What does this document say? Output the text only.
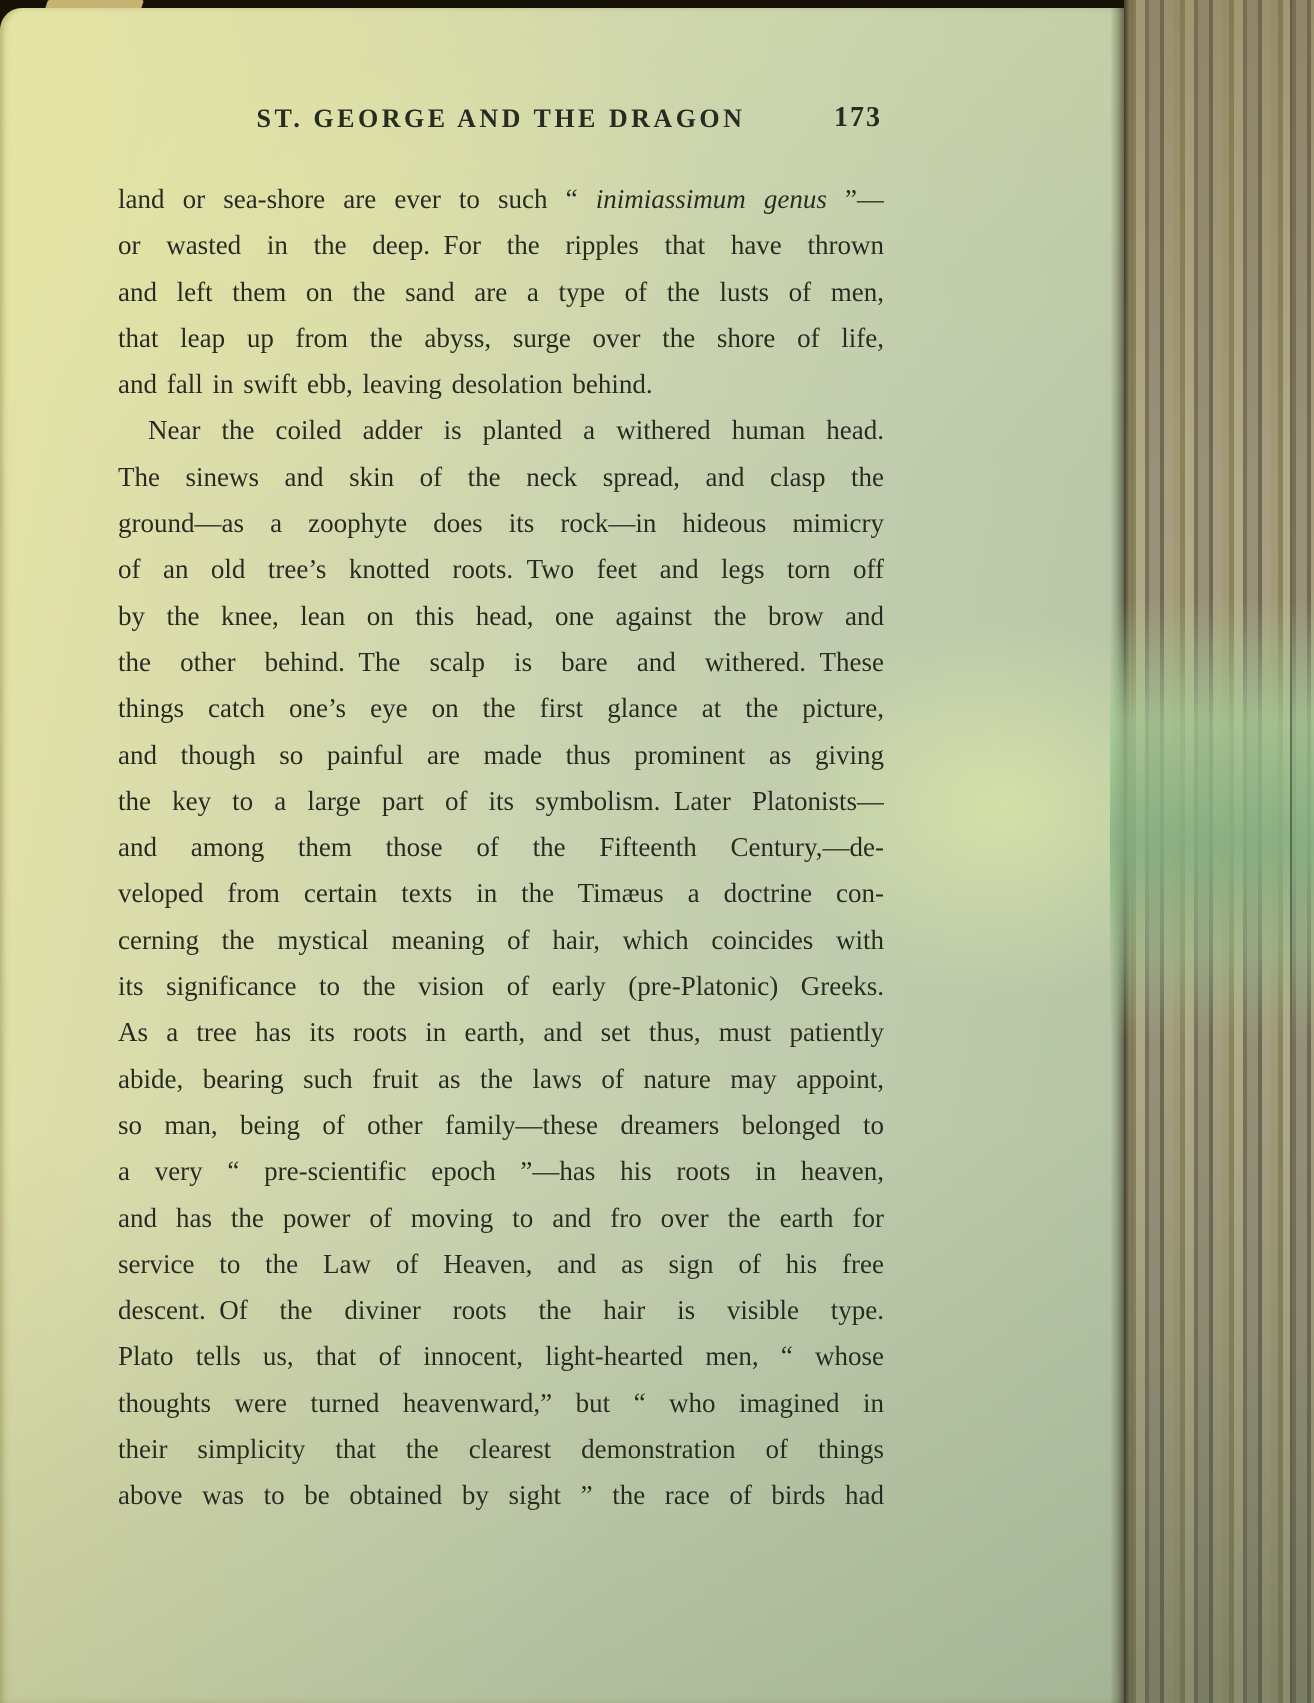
ST. GEORGE AND THE DRAGON	173
land or sea-shore are ever to such “ inimiassimum genus ”—
or wasted in the deep. For the ripples that have thrown
and left them on the sand are a type of the lusts of men,
that leap up from the abyss, surge over the shore of life,
and fall in swift ebb, leaving desolation behind.
Near the coiled adder is planted a withered human head.
The sinews and skin of the neck spread, and clasp the
ground—as a zoophyte does its rock—in hideous mimicry
of an old tree’s knotted roots. Two feet and legs torn off
by the knee, lean on this head, one against the brow and
the other behind. The scalp is bare and withered. These
things catch one’s eye on the first glance at the picture,
and though so painful are made thus prominent as giving
the key to a large part of its symbolism. Later Platonists—
and among them those of the Fifteenth Century,—de-
veloped from certain texts in the Timæus a doctrine con-
cerning the mystical meaning of hair, which coincides with
its significance to the vision of early (pre-Platonic) Greeks.
As a tree has its roots in earth, and set thus, must patiently
abide, bearing such fruit as the laws of nature may appoint,
so man, being of other family—these dreamers belonged to
a very “ pre-scientific epoch ”—has his roots in heaven,
and has the power of moving to and fro over the earth for
service to the Law of Heaven, and as sign of his free
descent. Of the diviner roots the hair is visible type.
Plato tells us, that of innocent, light-hearted men, “ whose
thoughts were turned heavenward,” but “ who imagined in
their simplicity that the clearest demonstration of things
above was to be obtained by sight ” the race of birds had
